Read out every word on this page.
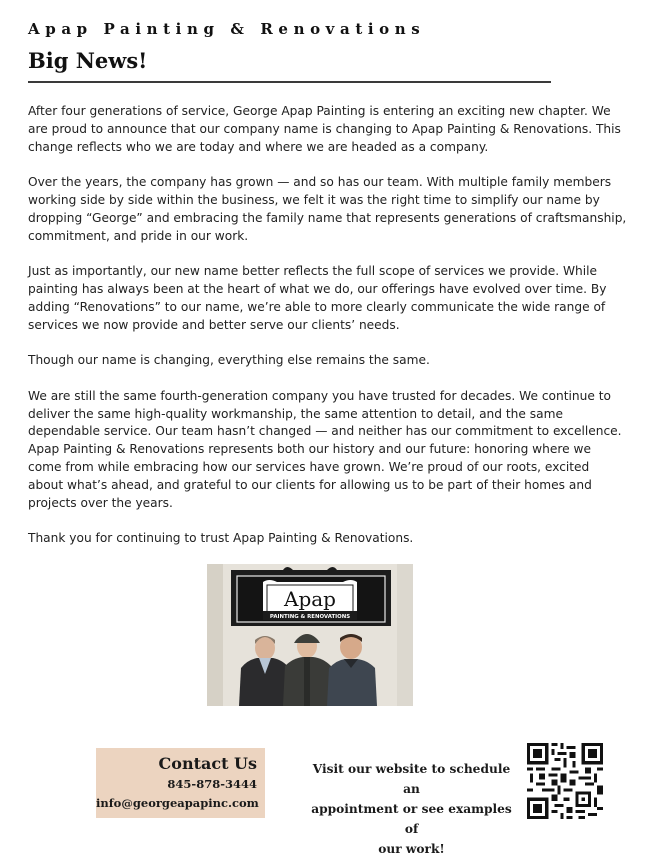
Apap Painting & Renovations
Big News!

After four generations of service, George Apap Painting is entering an exciting new chapter. We are proud to announce that our company name is changing to Apap Painting & Renovations. This change reflects who we are today and where we are headed as a company.

Over the years, the company has grown — and so has our team. With multiple family members working side by side within the business, we felt it was the right time to simplify our name by dropping “George” and embracing the family name that represents generations of craftsmanship, commitment, and pride in our work.

Just as importantly, our new name better reflects the full scope of services we provide. While painting has always been at the heart of what we do, our offerings have evolved over time. By adding “Renovations” to our name, we’re able to more clearly communicate the wide range of services we now provide and better serve our clients’ needs.

Though our name is changing, everything else remains the same.

We are still the same fourth-generation company you have trusted for decades. We continue to deliver the same high-quality workmanship, the same attention to detail, and the same dependable service. Our team hasn’t changed — and neither has our commitment to excellence. Apap Painting & Renovations represents both our history and our future: honoring where we come from while embracing how our services have grown. We’re proud of our roots, excited about what’s ahead, and grateful to our clients for allowing us to be part of their homes and projects over the years.

Thank you for continuing to trust Apap Painting & Renovations.

Apap
PAINTING & RENOVATIONS
Contact Us
845-878-3444
info@georgeapapinc.com
Visit our website to schedule an
appointment or see examples of
our work!
